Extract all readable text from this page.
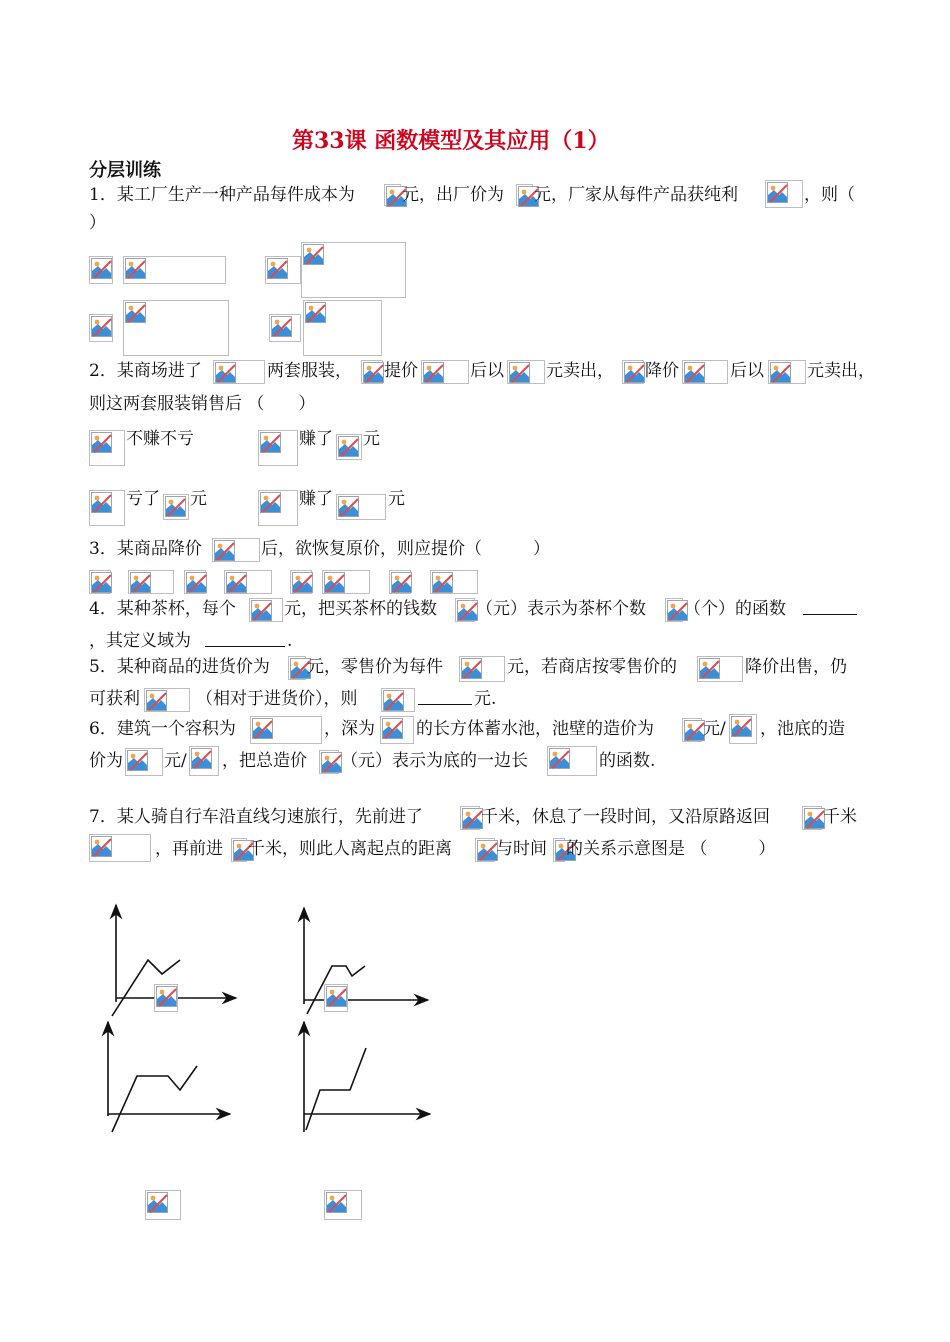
第33课 函数模型及其应用（1）
分层训练
1．某工厂生产一种产品每件成本为	元，出厂价为 元，厂家从每件产品获纯利	，则（
）
2．某商场进了	两套服装， 提价	后以 元卖出， 降价	后以	元卖出，
则这两套服装销售后 （　　）
不赚不亏	赚了 元
亏了 元	赚了	元
3．某商品降价	后，欲恢复原价，则应提价（　　　）
4．某种茶杯，每个	元，把买茶杯的钱数 （元）表示为茶杯个数 （个）的函数
，其定义域为	.
5．某种商品的进货价为 元，零售价为每件	元，若商店按零售价的	降价出售，仍
可获利	（相对于进货价），则	元.
6．建筑一个容积为	，深为 的长方体蓄水池，池壁的造价为	元/ ，池底的造
价为 元/ ，把总造价 （元）表示为底的一边长	的函数.
7．某人骑自行车沿直线匀速旅行，先前进了	千米，休息了一段时间，又沿原路返回	千米
，再前进 千米，则此人离起点的距离	与时间 的关系示意图是 （　　　）
